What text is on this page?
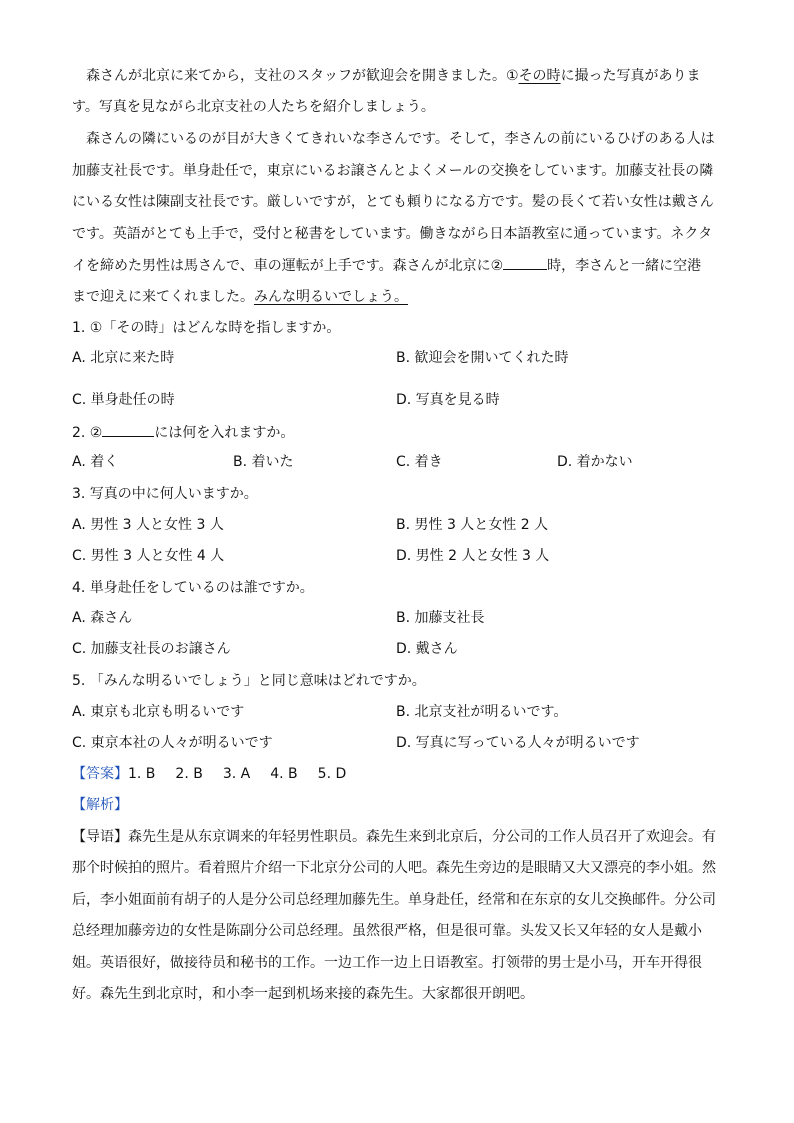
森さんが北京に来てから，支社のスタッフが歓迎会を開きました。①その時に撮った写真がありま
す。写真を見ながら北京支社の人たちを紹介しましょう。
森さんの隣にいるのが目が大きくてきれいな李さんです。そして，李さんの前にいるひげのある人は
加藤支社長です。単身赴任で，東京にいるお譲さんとよくメールの交換をしています。加藤支社長の隣
にいる女性は陳副支社長です。厳しいですが，とても頼りになる方です。髪の長くて若い女性は戴さん
です。英語がとても上手で，受付と秘書をしています。働きながら日本語教室に通っています。ネクタ
イを締めた男性は馬さんで、車の運転が上手です。森さんが北京に②	時，李さんと一緒に空港
まで迎えに来てくれました。みんな明るいでしょう。
1. ①「その時」はどんな時を指しますか。
A. 北京に来た時	B. 歓迎会を開いてくれた時
C. 単身赴任の時	D. 写真を見る時
2. ②	には何を入れますか。
A. 着く	B. 着いた	C. 着き	D. 着かない
3. 写真の中に何人いますか。
A. 男性 3 人と女性 3 人	B. 男性 3 人と女性 2 人
C. 男性 3 人と女性 4 人	D. 男性 2 人と女性 3 人
4. 単身赴任をしているのは誰ですか。
A. 森さん	B. 加藤支社長
C. 加藤支社長のお譲さん	D. 戴さん
5. 「みんな明るいでしょう」と同じ意味はどれですか。
A. 東京も北京も明るいです	B. 北京支社が明るいです。
C. 東京本社の人々が明るいです	D. 写真に写っている人々が明るいです
【答案】1. B 2. B 3. A 4. B 5. D
【解析】
【导语】森先生是从东京调来的年轻男性职员。森先生来到北京后，分公司的工作人员召开了欢迎会。有
那个时候拍的照片。看着照片介绍一下北京分公司的人吧。森先生旁边的是眼睛又大又漂亮的李小姐。然
后，李小姐面前有胡子的人是分公司总经理加藤先生。单身赴任，经常和在东京的女儿交换邮件。分公司
总经理加藤旁边的女性是陈副分公司总经理。虽然很严格，但是很可靠。头发又长又年轻的女人是戴小
姐。英语很好，做接待员和秘书的工作。一边工作一边上日语教室。打领带的男士是小马，开车开得很
好。森先生到北京时，和小李一起到机场来接的森先生。大家都很开朗吧。
